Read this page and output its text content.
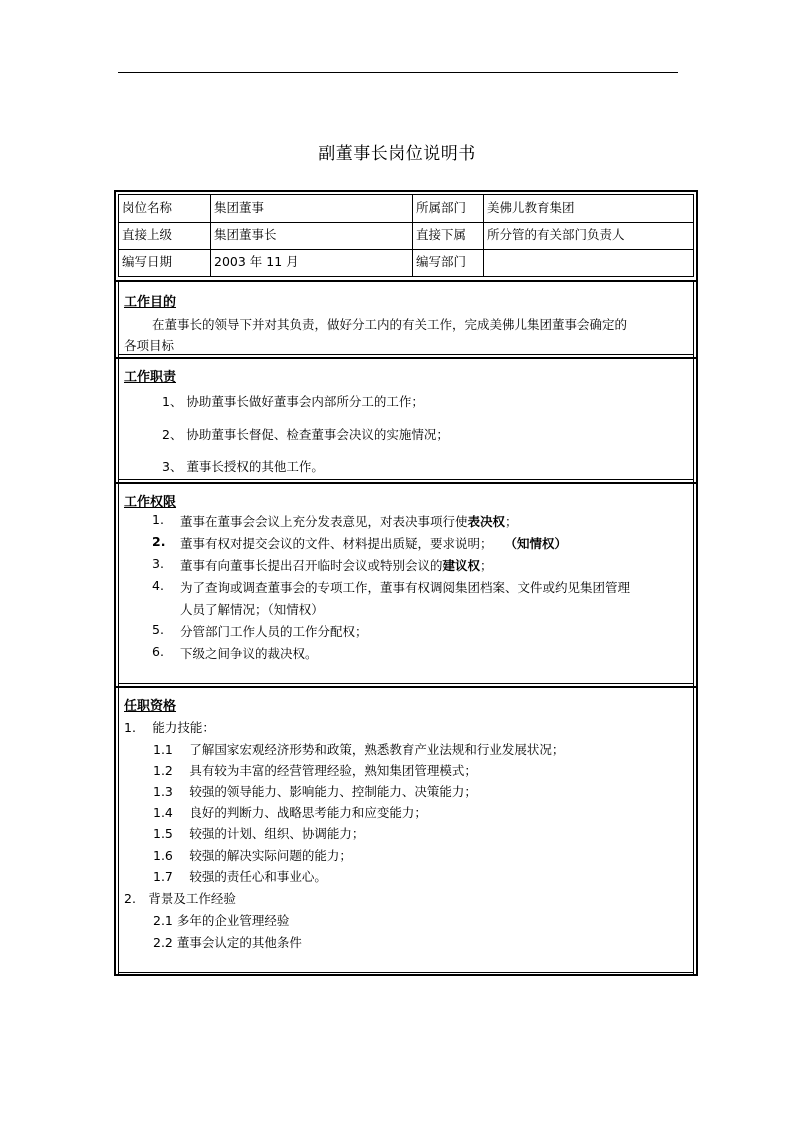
副董事长岗位说明书
岗位名称	集团董事	所属部门	美佛儿教育集团
直接上级	集团董事长	直接下属	所分管的有关部门负责人
编写日期	2003 年 11 月	编写部门
工作目的
在董事长的领导下并对其负责，做好分工内的有关工作，完成美佛儿集团董事会确定的
各项目标
工作职责
1、 协助董事长做好董事会内部所分工的工作；
2、 协助董事长督促、检查董事会决议的实施情况；
3、 董事长授权的其他工作。
工作权限
1. 董事在董事会会议上充分发表意见，对表决事项行使表决权；
2. 董事有权对提交会议的文件、材料提出质疑，要求说明； （知情权）
3. 董事有向董事长提出召开临时会议或特别会议的建议权；
4. 为了查询或调查董事会的专项工作，董事有权调阅集团档案、文件或约见集团管理
人员了解情况；（知情权）
5. 分管部门工作人员的工作分配权；
6. 下级之间争议的裁决权。
任职资格
1.　 能力技能：
1.1　 了解国家宏观经济形势和政策，熟悉教育产业法规和行业发展状况；
1.2　 具有较为丰富的经营管理经验，熟知集团管理模式；
1.3　 较强的领导能力、影响能力、控制能力、决策能力；
1.4　 良好的判断力、战略思考能力和应变能力；
1.5　 较强的计划、组织、协调能力；
1.6　 较强的解决实际问题的能力；
1.7　 较强的责任心和事业心。
2.　背景及工作经验
2.1 多年的企业管理经验
2.2 董事会认定的其他条件
